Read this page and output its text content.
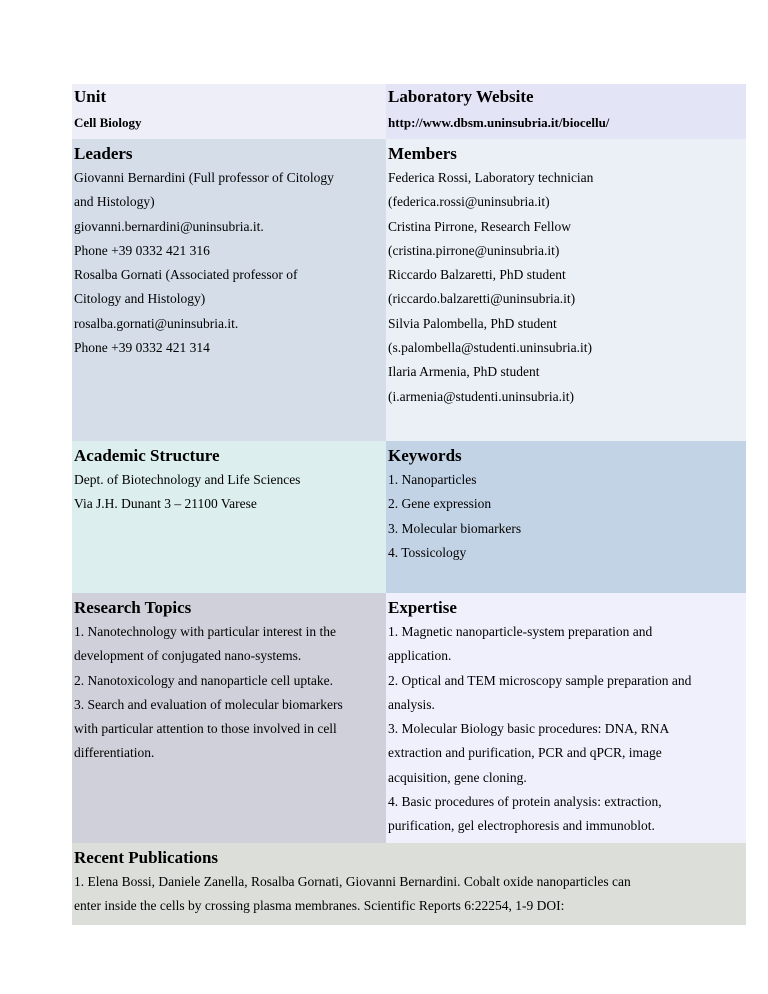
Unit
Cell Biology
Laboratory Website
http://www.dbsm.uninsubria.it/biocellu/
Leaders
Giovanni Bernardini (Full professor of Citology
and Histology)
giovanni.bernardini@uninsubria.it.
Phone +39 0332 421 316
Rosalba Gornati (Associated professor of
Citology and Histology)
rosalba.gornati@uninsubria.it.
Phone +39 0332 421 314
Members
Federica Rossi, Laboratory technician
(federica.rossi@uninsubria.it)
Cristina Pirrone, Research Fellow
(cristina.pirrone@uninsubria.it)
Riccardo Balzaretti, PhD student
(riccardo.balzaretti@uninsubria.it)
Silvia Palombella, PhD student
(s.palombella@studenti.uninsubria.it)
Ilaria Armenia, PhD student
(i.armenia@studenti.uninsubria.it)
Academic Structure
Dept. of Biotechnology and Life Sciences
Via J.H. Dunant 3 – 21100 Varese
Keywords
1. Nanoparticles
2. Gene expression
3. Molecular biomarkers
4. Tossicology
Research Topics
1. Nanotechnology with particular interest in the
development of conjugated nano-systems.
2. Nanotoxicology and nanoparticle cell uptake.
3. Search and evaluation of molecular biomarkers
with particular attention to those involved in cell
differentiation.
Expertise
1. Magnetic nanoparticle-system preparation and
application.
2. Optical and TEM microscopy sample preparation and
analysis.
3. Molecular Biology basic procedures: DNA, RNA
extraction and purification, PCR and qPCR, image
acquisition, gene cloning.
4. Basic procedures of protein analysis: extraction,
purification, gel electrophoresis and immunoblot.
Recent Publications
1. Elena Bossi, Daniele Zanella, Rosalba Gornati, Giovanni Bernardini. Cobalt oxide nanoparticles can
enter inside the cells by crossing plasma membranes. Scientific Reports 6:22254, 1-9 DOI:
